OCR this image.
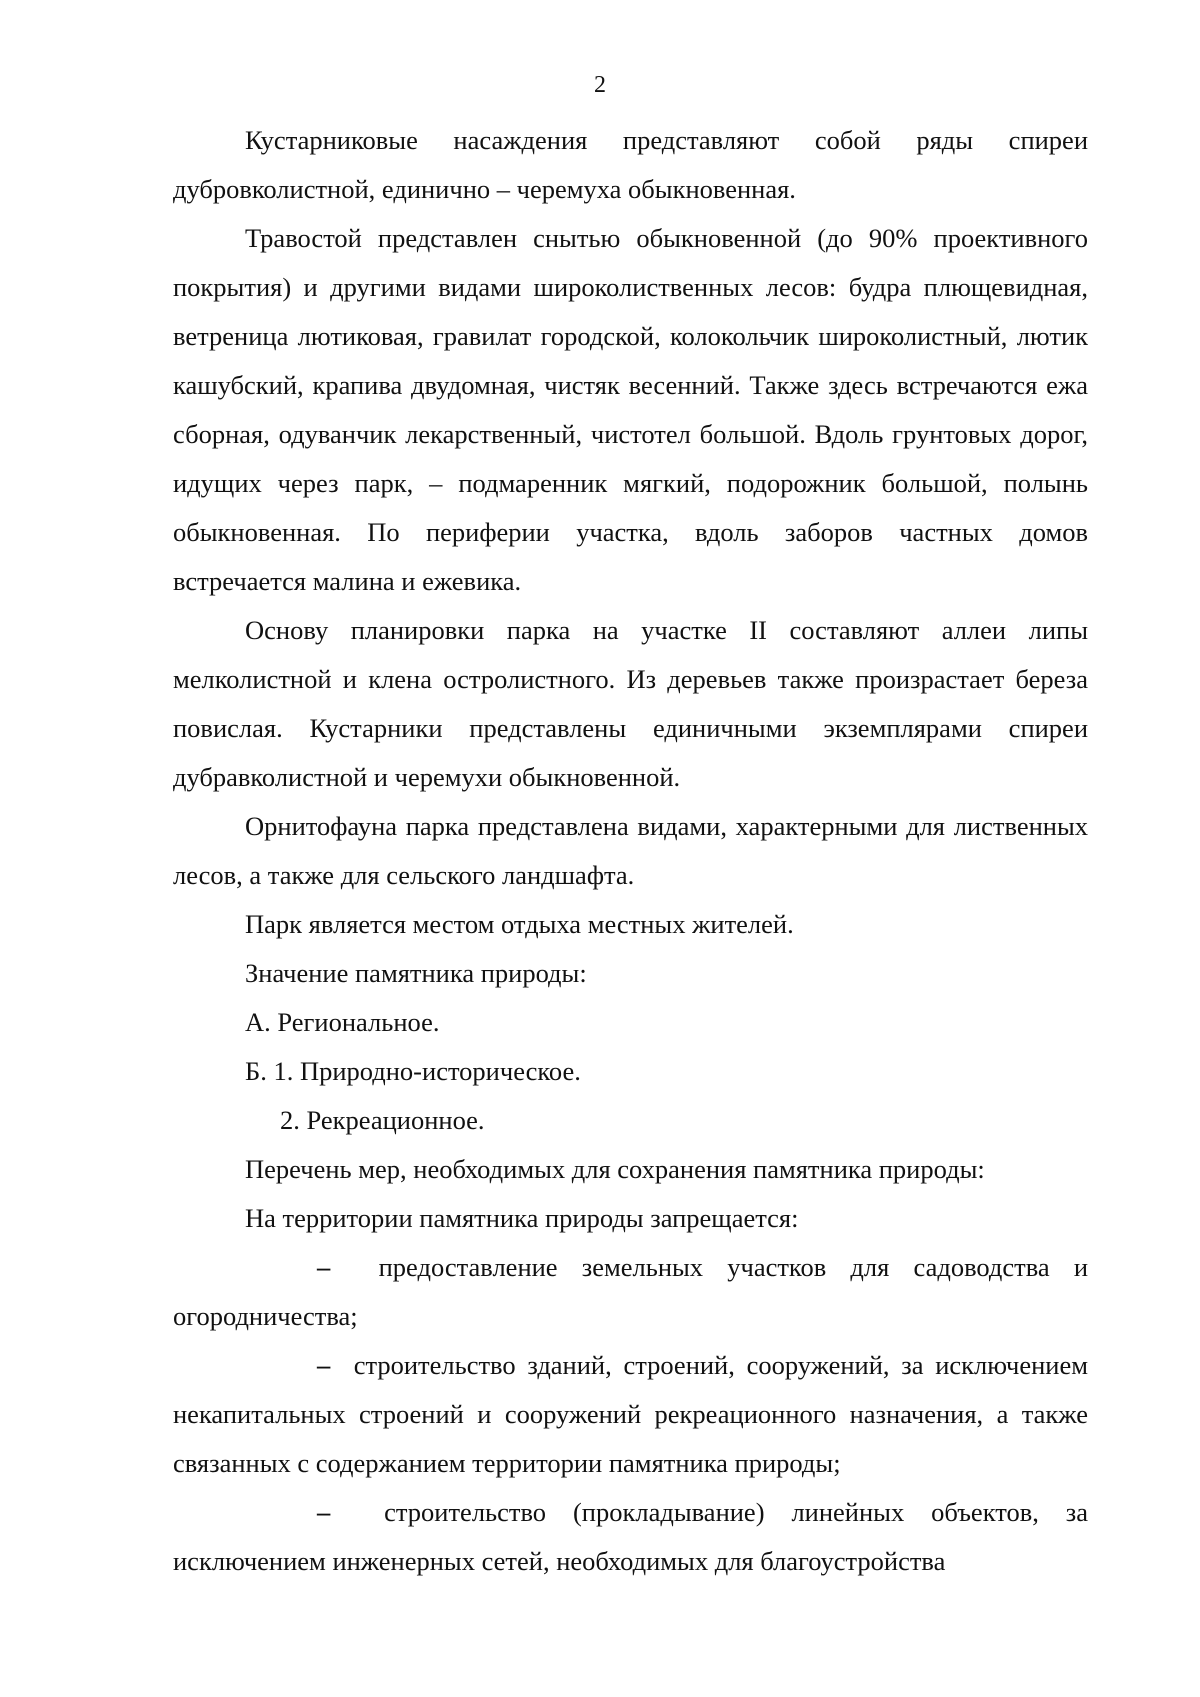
2

Кустарниковые насаждения представляют собой ряды спиреи дубровколистной, единично – черемуха обыкновенная.

Травостой представлен снытью обыкновенной (до 90% проективного покрытия) и другими видами широколиственных лесов: будра плющевидная, ветреница лютиковая, гравилат городской, колокольчик широколистный, лютик кашубский, крапива двудомная, чистяк весенний. Также здесь встречаются ежа сборная, одуванчик лекарственный, чистотел большой. Вдоль грунтовых дорог, идущих через парк, – подмаренник мягкий, подорожник большой, полынь обыкновенная. По периферии участка, вдоль заборов частных домов встречается малина и ежевика.

Основу планировки парка на участке II составляют аллеи липы мелколистной и клена остролистного. Из деревьев также произрастает береза повислая. Кустарники представлены единичными экземплярами спиреи дубравколистной и черемухи обыкновенной.

Орнитофауна парка представлена видами, характерными для лиственных лесов, а также для сельского ландшафта.

Парк является местом отдыха местных жителей.

Значение памятника природы:

А. Региональное.

Б. 1. Природно-историческое.

2. Рекреационное.

Перечень мер, необходимых для сохранения памятника природы:

На территории памятника природы запрещается:

– предоставление земельных участков для садоводства и огородничества;

– строительство зданий, строений, сооружений, за исключением некапитальных строений и сооружений рекреационного назначения, а также связанных с содержанием территории памятника природы;

– строительство (прокладывание) линейных объектов, за исключением инженерных сетей, необходимых для благоустройства
